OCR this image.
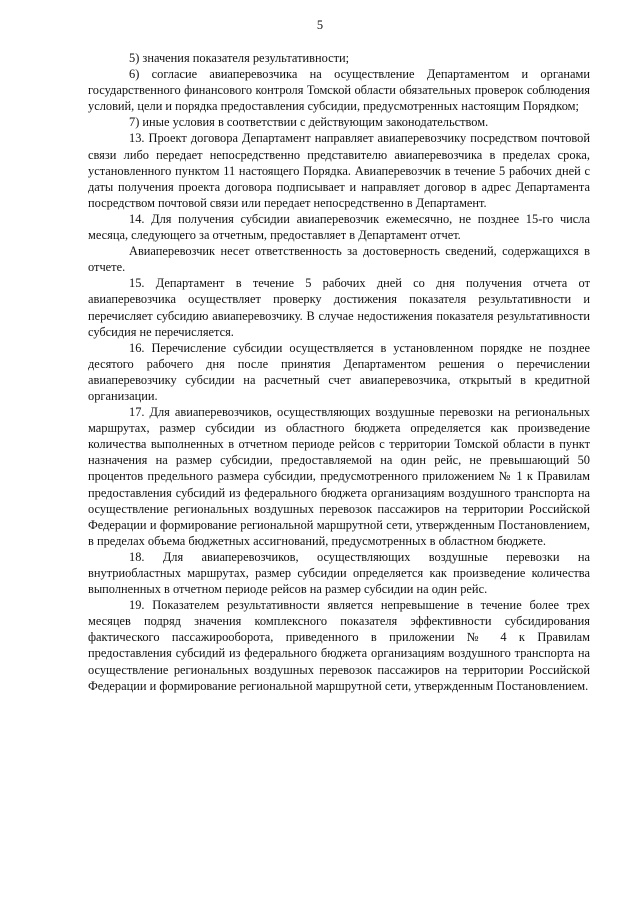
5

5) значения показателя результативности;

6) согласие авиаперевозчика на осуществление Департаментом и органами государственного финансового контроля Томской области обязательных проверок соблюдения условий, цели и порядка предоставления субсидии, предусмотренных настоящим Порядком;

7) иные условия в соответствии с действующим законодательством.

13. Проект договора Департамент направляет авиаперевозчику посредством почтовой связи либо передает непосредственно представителю авиаперевозчика в пределах срока, установленного пунктом 11 настоящего Порядка. Авиаперевозчик в течение 5 рабочих дней с даты получения проекта договора подписывает и направляет договор в адрес Департамента посредством почтовой связи или передает непосредственно в Департамент.

14. Для получения субсидии авиаперевозчик ежемесячно, не позднее 15-го числа месяца, следующего за отчетным, предоставляет в Департамент отчет.

Авиаперевозчик несет ответственность за достоверность сведений, содержащихся в отчете.

15. Департамент в течение 5 рабочих дней со дня получения отчета от авиаперевозчика осуществляет проверку достижения показателя результативности и перечисляет субсидию авиаперевозчику. В случае недостижения показателя результативности субсидия не перечисляется.

16. Перечисление субсидии осуществляется в установленном порядке не позднее десятого рабочего дня после принятия Департаментом решения о перечислении авиаперевозчику субсидии на расчетный счет авиаперевозчика, открытый в кредитной организации.

17. Для авиаперевозчиков, осуществляющих воздушные перевозки на региональных маршрутах, размер субсидии из областного бюджета определяется как произведение количества выполненных в отчетном периоде рейсов с территории Томской области в пункт назначения на размер субсидии, предоставляемой на один рейс, не превышающий 50 процентов предельного размера субсидии, предусмотренного приложением № 1 к Правилам предоставления субсидий из федерального бюджета организациям воздушного транспорта на осуществление региональных воздушных перевозок пассажиров на территории Российской Федерации и формирование региональной маршрутной сети, утвержденным Постановлением, в пределах объема бюджетных ассигнований, предусмотренных в областном бюджете.

18. Для авиаперевозчиков, осуществляющих воздушные перевозки на внутриобластных маршрутах, размер субсидии определяется как произведение количества выполненных в отчетном периоде рейсов на размер субсидии на один рейс.

19. Показателем результативности является непревышение в течение более трех месяцев подряд значения комплексного показателя эффективности субсидирования фактического пассажирооборота, приведенного в приложении № 4 к Правилам предоставления субсидий из федерального бюджета организациям воздушного транспорта на осуществление региональных воздушных перевозок пассажиров на территории Российской Федерации и формирование региональной маршрутной сети, утвержденным Постановлением.
